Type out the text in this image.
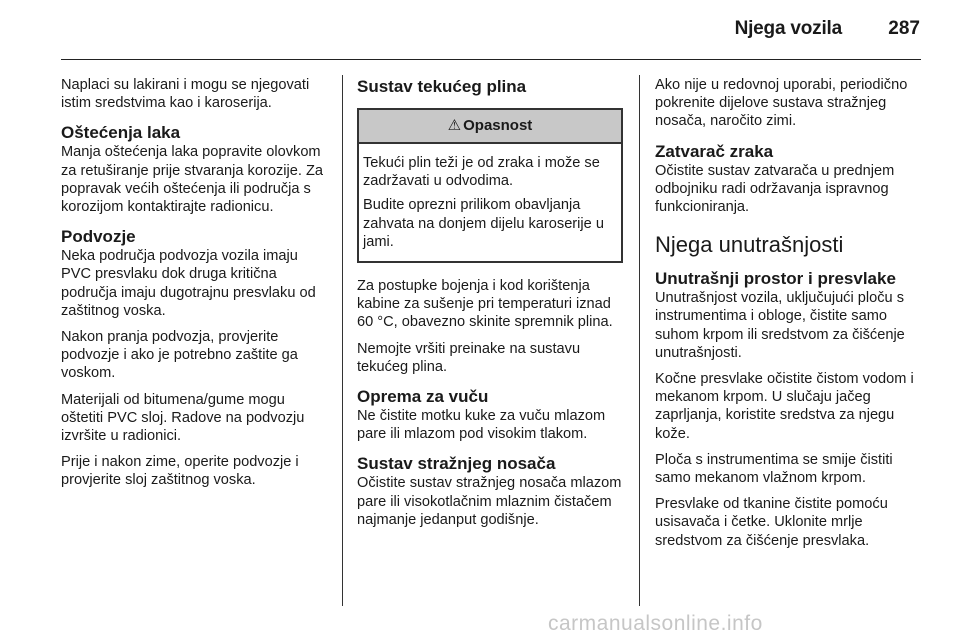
Njega vozila 287

Naplaci su lakirani i mogu se njegovati istim sredstvima kao i karoserija.

Oštećenja laka

Manja oštećenja laka popravite olovkom za retuširanje prije stvaranja korozije. Za popravak većih oštećenja ili područja s korozijom kontaktirajte radionicu.

Podvozje

Neka područja podvozja vozila imaju PVC presvlaku dok druga kritična područja imaju dugotrajnu presvlaku od zaštitnog voska.

Nakon pranja podvozja, provjerite podvozje i ako je potrebno zaštite ga voskom.

Materijali od bitumena/gume mogu oštetiti PVC sloj. Radove na podvozju izvršite u radionici.

Prije i nakon zime, operite podvozje i provjerite sloj zaštitnog voska.

Sustav tekućeg plina
⚠ Opasnost

Tekući plin teži je od zraka i može se zadržavati u odvodima.

Budite oprezni prilikom obavljanja zahvata na donjem dijelu karoserije u jami.

Za postupke bojenja i kod korištenja kabine za sušenje pri temperaturi iznad 60 °C, obavezno skinite spremnik plina.

Nemojte vršiti preinake na sustavu tekućeg plina.

Oprema za vuču

Ne čistite motku kuke za vuču mlazom pare ili mlazom pod visokim tlakom.

Sustav stražnjeg nosača

Očistite sustav stražnjeg nosača mlazom pare ili visokotlačnim mlaznim čistačem najmanje jedanput godišnje.

Ako nije u redovnoj uporabi, periodično pokrenite dijelove sustava stražnjeg nosača, naročito zimi.

Zatvarač zraka

Očistite sustav zatvarača u prednjem odbojniku radi održavanja ispravnog funkcioniranja.

Njega unutrašnjosti
Unutrašnji prostor i presvlake

Unutrašnjost vozila, uključujući ploču s instrumentima i obloge, čistite samo suhom krpom ili sredstvom za čišćenje unutrašnjosti.

Kočne presvlake očistite čistom vodom i mekanom krpom. U slučaju jačeg zaprljanja, koristite sredstva za njegu kože.

Ploča s instrumentima se smije čistiti samo mekanom vlažnom krpom.

Presvlake od tkanine čistite pomoću usisavača i četke. Uklonite mrlje sredstvom za čišćenje presvlaka.

carmanualsonline.info
